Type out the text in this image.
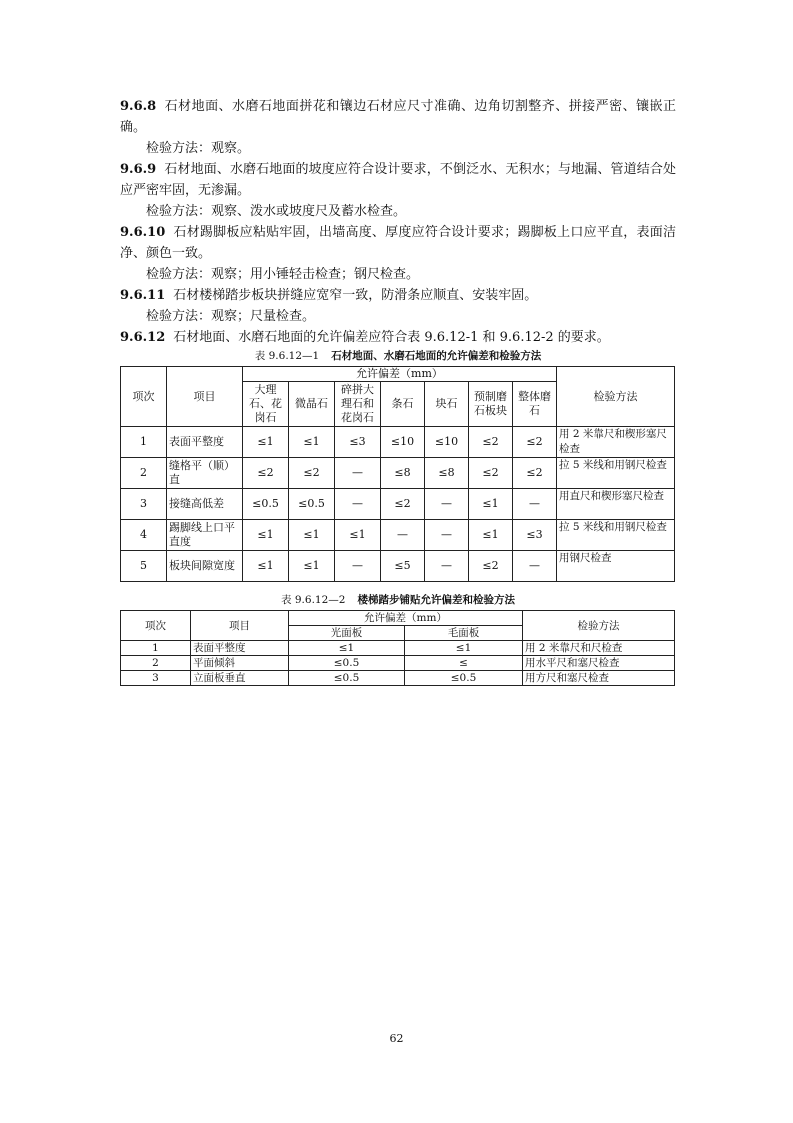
9.6.8 石材地面、水磨石地面拼花和镶边石材应尺寸准确、边角切割整齐、拼接严密、镶嵌正确。

检验方法：观察。

9.6.9 石材地面、水磨石地面的坡度应符合设计要求，不倒泛水、无积水；与地漏、管道结合处应严密牢固，无渗漏。

检验方法：观察、泼水或坡度尺及蓄水检查。

9.6.10 石材踢脚板应粘贴牢固，出墙高度、厚度应符合设计要求；踢脚板上口应平直，表面洁净、颜色一致。

检验方法：观察；用小锤轻击检查；钢尺检查。

9.6.11 石材楼梯踏步板块拼缝应宽窄一致，防滑条应顺直、安装牢固。

检验方法：观察；尺量检查。

9.6.12 石材地面、水磨石地面的允许偏差应符合表 9.6.12-1 和 9.6.12-2 的要求。

表 9.6.12—1 石材地面、水磨石地面的允许偏差和检验方法
项次	项目	允许偏差（mm）							检验方法
		大理石、花岗石	微晶石	碎拼大理石和花岗石	条石	块石	预制磨石板块	整体磨石	
1	表面平整度	≤1	≤1	≤3	≤10	≤10	≤2	≤2	用 2 米靠尺和楔形塞尺检查
2	缝格平（顺）直	≤2	≤2	—	≤8	≤8	≤2	≤2	拉 5 米线和用钢尺检查
3	接缝高低差	≤0.5	≤0.5	—	≤2	—	≤1	—	用直尺和楔形塞尺检查
4	踢脚线上口平直度	≤1	≤1	≤1	—	—	≤1	≤3	拉 5 米线和用钢尺检查
5	板块间隙宽度	≤1	≤1	—	≤5	—	≤2	—	用钢尺检查
表 9.6.12—2 楼梯踏步铺贴允许偏差和检验方法
项次	项目	允许偏差（mm）		检验方法
		光面板	毛面板	
1	表面平整度	≤1	≤1	用 2 米靠尺和尺检查
2	平面倾斜	≤0.5	≤	用水平尺和塞尺检查
3	立面板垂直	≤0.5	≤0.5	用方尺和塞尺检查
62
